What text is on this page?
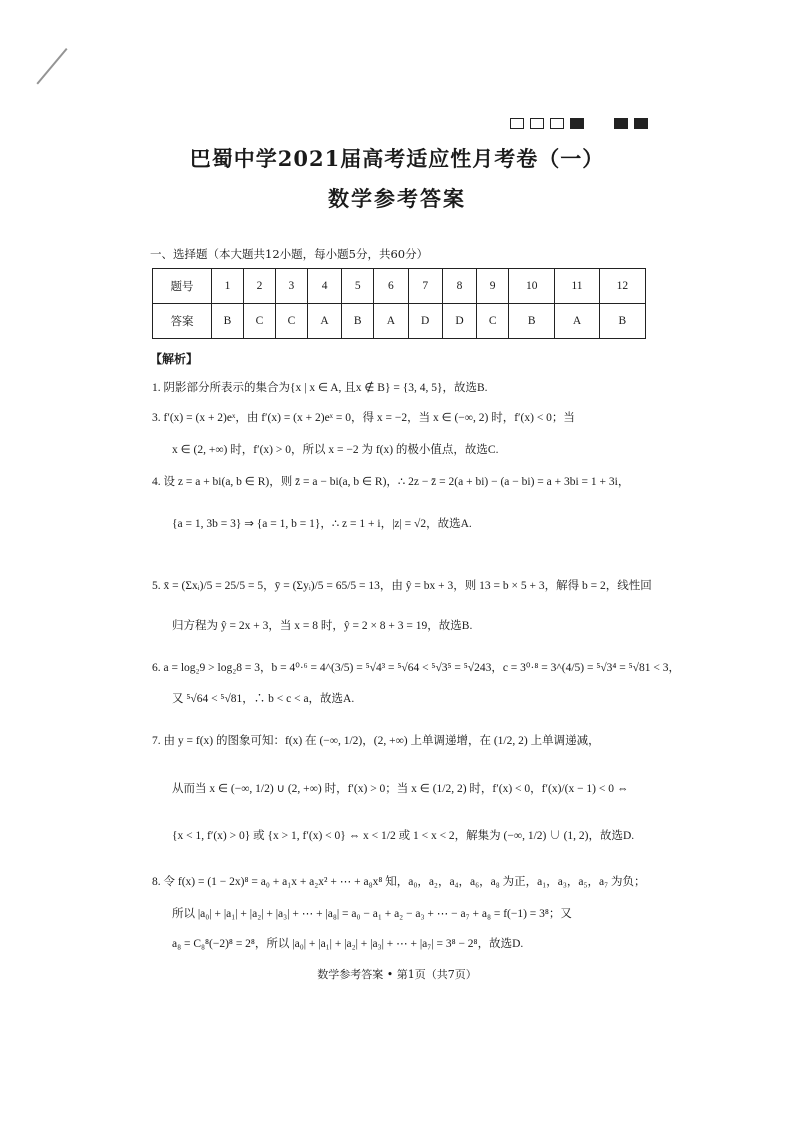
巴蜀中学2021届高考适应性月考卷（一）
数学参考答案
一、选择题（本大题共12小题，每小题5分，共60分）
题号	1	2	3	4	5	6	7	8	9	10	11	12
答案	B	C	C	A	B	A	D	D	C	B	A	B
【解析】
1. 阴影部分所表示的集合为{x | x ∈ A, 且x ∉ B} = {3, 4, 5}，故选B.
3. f′(x) = (x + 2)eˣ，由 f′(x) = (x + 2)eˣ = 0，得 x = −2，当 x ∈ (−∞, 2) 时，f′(x) < 0；当
x ∈ (2, +∞) 时，f′(x) > 0，所以 x = −2 为 f(x) 的极小值点，故选C.
4. 设 z = a + bi(a, b ∈ R)，则 z̄ = a − bi(a, b ∈ R)，∴ 2z − z̄ = 2(a + bi) − (a − bi) = a + 3bi = 1 + 3i，
{a = 1, 3b = 3} ⇒ {a = 1, b = 1}，∴ z = 1 + i，|z| = √2，故选A.
5. x̄ = (Σxᵢ)/5 = 25/5 = 5，ȳ = (Σyᵢ)/5 = 65/5 = 13，由 ŷ = bx + 3，则 13 = b × 5 + 3，解得 b = 2，线性回
归方程为 ŷ = 2x + 3，当 x = 8 时，ŷ = 2 × 8 + 3 = 19，故选B.
6. a = log₂9 > log₂8 = 3，b = 4⁰·⁶ = 4^(3/5) = ⁵√4³ = ⁵√64 < ⁵√3⁵ = ⁵√243，c = 3⁰·⁸ = 3^(4/5) = ⁵√3⁴ = ⁵√81 < 3，
又 ⁵√64 < ⁵√81，∴ b < c < a，故选A.
7. 由 y = f(x) 的图象可知：f(x) 在 (−∞, 1/2)，(2, +∞) 上单调递增，在 (1/2, 2) 上单调递减，
从而当 x ∈ (−∞, 1/2) ∪ (2, +∞) 时，f′(x) > 0；当 x ∈ (1/2, 2) 时，f′(x) < 0，f′(x)/(x − 1) < 0 ⇔
{x < 1, f′(x) > 0} 或 {x > 1, f′(x) < 0} ⇔ x < 1/2 或 1 < x < 2，解集为 (−∞, 1/2) ∪ (1, 2)，故选D.
8. 令 f(x) = (1 − 2x)⁸ = a₀ + a₁x + a₂x² + ⋯ + a₈x⁸ 知，a₀，a₂，a₄，a₆，a₈ 为正，a₁，a₃，a₅，a₇ 为负；
所以 |a₀| + |a₁| + |a₂| + |a₃| + ⋯ + |a₈| = a₀ − a₁ + a₂ − a₃ + ⋯ − a₇ + a₈ = f(−1) = 3⁸；又
a₈ = C₈⁸(−2)⁸ = 2⁸，所以 |a₀| + |a₁| + |a₂| + |a₃| + ⋯ + |a₇| = 3⁸ − 2⁸，故选D.
数学参考答案 • 第1页（共7页）
